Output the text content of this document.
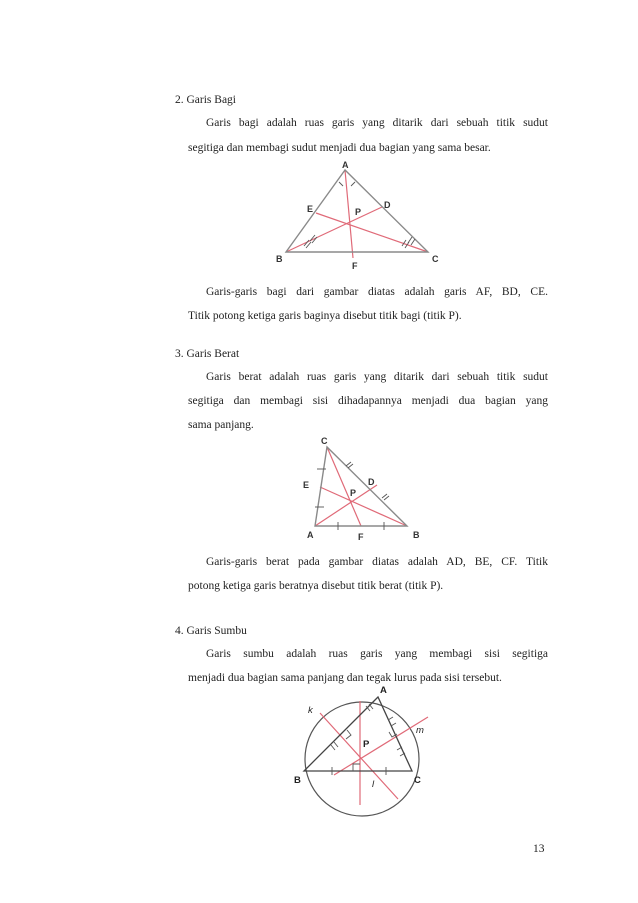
2. Garis Bagi
Garis bagi adalah ruas garis yang ditarik dari sebuah titik sudut
segitiga dan membagi sudut menjadi dua bagian yang sama besar.
A
B	C
D
E
F
P
Garis-garis bagi dari gambar diatas adalah garis AF, BD, CE.
Titik potong ketiga garis baginya disebut titik bagi (titik P).
3. Garis Berat
Garis berat adalah ruas garis yang ditarik dari sebuah titik sudut
segitiga dan membagi sisi dihadapannya menjadi dua bagian yang
sama panjang.
C
A	B
D
E
F
P
Garis-garis berat pada gambar diatas adalah AD, BE, CF. Titik
potong ketiga garis beratnya disebut titik berat (titik P).
4. Garis Sumbu
Garis sumbu adalah ruas garis yang membagi sisi segitiga
menjadi dua bagian sama panjang dan tegak lurus pada sisi tersebut.
A
B	C
P
k
l
m
13
